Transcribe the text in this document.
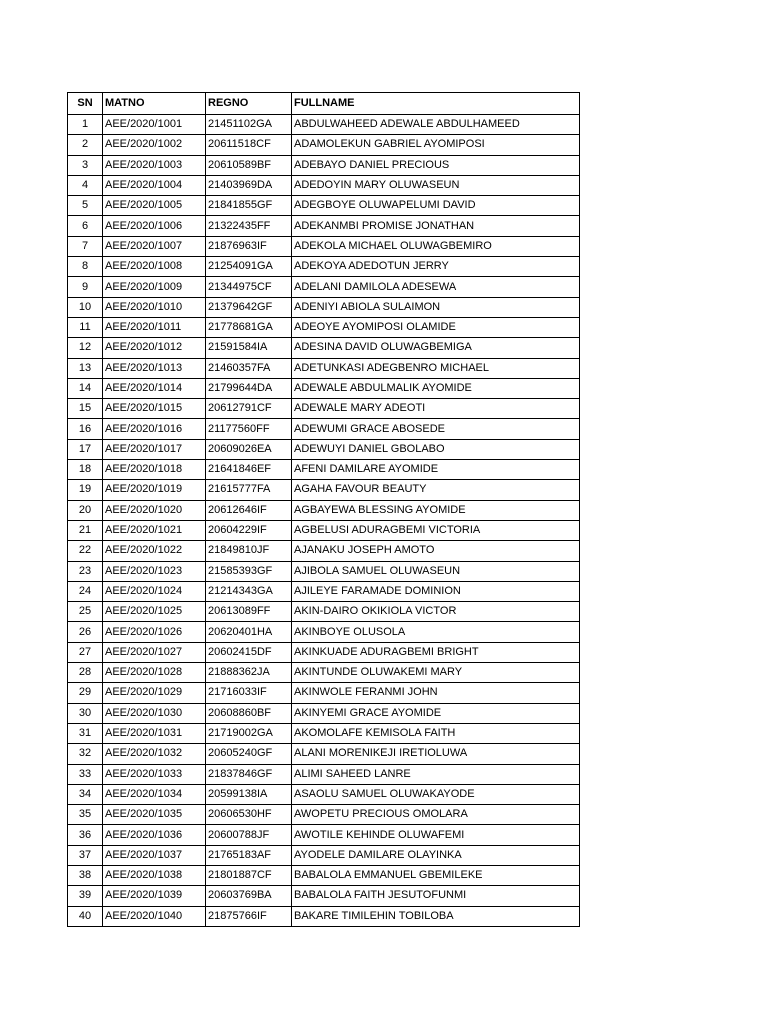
SN	MATNO	REGNO	FULLNAME
1	AEE/2020/1001	21451102GA	ABDULWAHEED ADEWALE ABDULHAMEED
2	AEE/2020/1002	20611518CF	ADAMOLEKUN GABRIEL AYOMIPOSI
3	AEE/2020/1003	20610589BF	ADEBAYO DANIEL PRECIOUS
4	AEE/2020/1004	21403969DA	ADEDOYIN MARY OLUWASEUN
5	AEE/2020/1005	21841855GF	ADEGBOYE OLUWAPELUMI DAVID
6	AEE/2020/1006	21322435FF	ADEKANMBI PROMISE JONATHAN
7	AEE/2020/1007	21876963IF	ADEKOLA MICHAEL OLUWAGBEMIRO
8	AEE/2020/1008	21254091GA	ADEKOYA ADEDOTUN JERRY
9	AEE/2020/1009	21344975CF	ADELANI DAMILOLA ADESEWA
10	AEE/2020/1010	21379642GF	ADENIYI ABIOLA SULAIMON
11	AEE/2020/1011	21778681GA	ADEOYE AYOMIPOSI OLAMIDE
12	AEE/2020/1012	21591584IA	ADESINA DAVID OLUWAGBEMIGA
13	AEE/2020/1013	21460357FA	ADETUNKASI ADEGBENRO MICHAEL
14	AEE/2020/1014	21799644DA	ADEWALE ABDULMALIK AYOMIDE
15	AEE/2020/1015	20612791CF	ADEWALE MARY ADEOTI
16	AEE/2020/1016	21177560FF	ADEWUMI GRACE ABOSEDE
17	AEE/2020/1017	20609026EA	ADEWUYI DANIEL GBOLABO
18	AEE/2020/1018	21641846EF	AFENI DAMILARE AYOMIDE
19	AEE/2020/1019	21615777FA	AGAHA FAVOUR BEAUTY
20	AEE/2020/1020	20612646IF	AGBAYEWA BLESSING AYOMIDE
21	AEE/2020/1021	20604229IF	AGBELUSI ADURAGBEMI VICTORIA
22	AEE/2020/1022	21849810JF	AJANAKU JOSEPH AMOTO
23	AEE/2020/1023	21585393GF	AJIBOLA SAMUEL OLUWASEUN
24	AEE/2020/1024	21214343GA	AJILEYE FARAMADE DOMINION
25	AEE/2020/1025	20613089FF	AKIN-DAIRO OKIKIOLA VICTOR
26	AEE/2020/1026	20620401HA	AKINBOYE OLUSOLA
27	AEE/2020/1027	20602415DF	AKINKUADE ADURAGBEMI BRIGHT
28	AEE/2020/1028	21888362JA	AKINTUNDE OLUWAKEMI MARY
29	AEE/2020/1029	21716033IF	AKINWOLE FERANMI JOHN
30	AEE/2020/1030	20608860BF	AKINYEMI GRACE AYOMIDE
31	AEE/2020/1031	21719002GA	AKOMOLAFE KEMISOLA FAITH
32	AEE/2020/1032	20605240GF	ALANI MORENIKEJI IRETIOLUWA
33	AEE/2020/1033	21837846GF	ALIMI SAHEED LANRE
34	AEE/2020/1034	20599138IA	ASAOLU SAMUEL OLUWAKAYODE
35	AEE/2020/1035	20606530HF	AWOPETU PRECIOUS OMOLARA
36	AEE/2020/1036	20600788JF	AWOTILE KEHINDE OLUWAFEMI
37	AEE/2020/1037	21765183AF	AYODELE DAMILARE OLAYINKA
38	AEE/2020/1038	21801887CF	BABALOLA EMMANUEL GBEMILEKE
39	AEE/2020/1039	20603769BA	BABALOLA FAITH JESUTOFUNMI
40	AEE/2020/1040	21875766IF	BAKARE TIMILEHIN TOBILOBA
